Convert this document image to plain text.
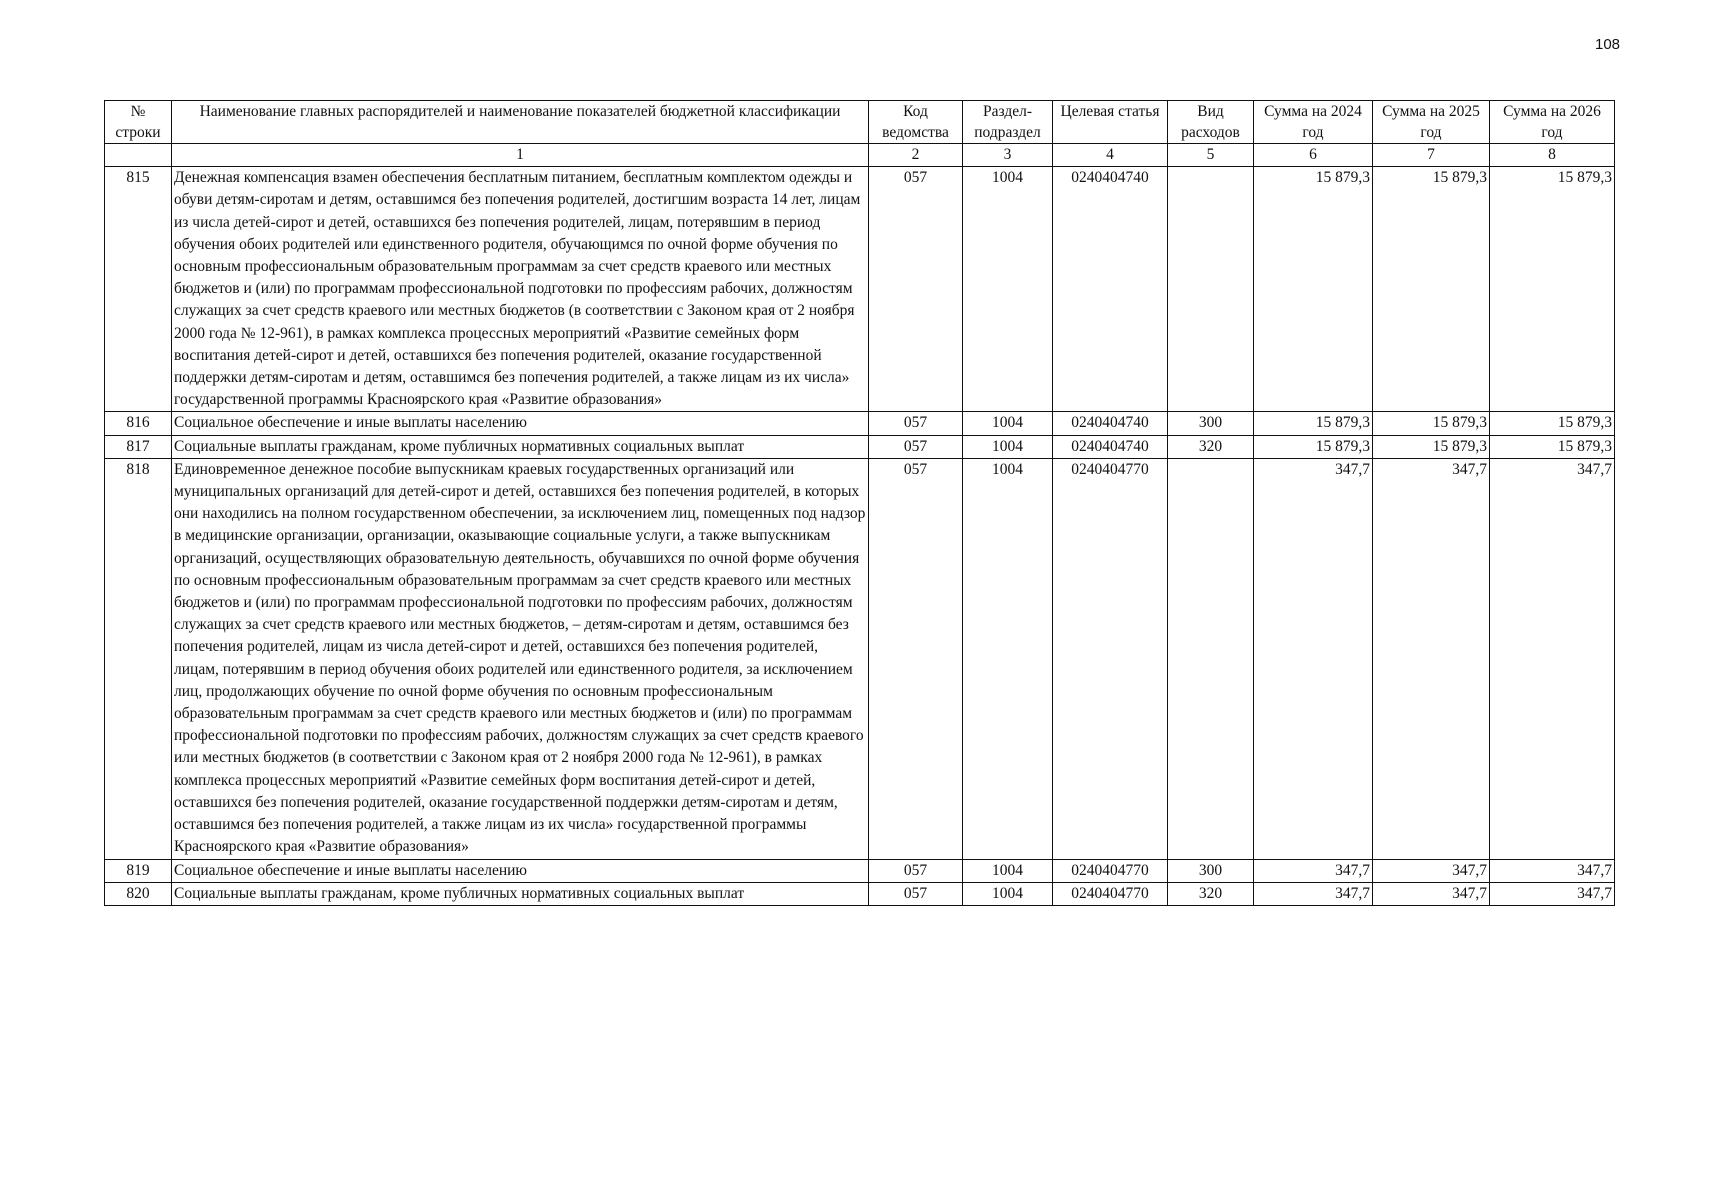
108
№ строки	Наименование главных распорядителей и наименование показателей бюджетной классификации	Код ведомства	Раздел-подраздел	Целевая статья	Вид расходов	Сумма на 2024 год	Сумма на 2025 год	Сумма на 2026 год
	1	2	3	4	5	6	7	8
815	Денежная компенсация взамен обеспечения бесплатным питанием, бесплатным комплектом одежды и обуви детям-сиротам и детям, оставшимся без попечения родителей, достигшим возраста 14 лет, лицам из числа детей-сирот и детей, оставшихся без попечения родителей, лицам, потерявшим в период обучения обоих родителей или единственного родителя, обучающимся по очной форме обучения по основным профессиональным образовательным программам за счет средств краевого или местных бюджетов и (или) по программам профессиональной подготовки по профессиям рабочих, должностям служащих за счет средств краевого или местных бюджетов (в соответствии с Законом края от 2 ноября 2000 года № 12-961), в рамках комплекса процессных мероприятий «Развитие семейных форм воспитания детей-сирот и детей, оставшихся без попечения родителей, оказание государственной поддержки детям-сиротам и детям, оставшимся без попечения родителей, а также лицам из их числа» государственной программы Красноярского края «Развитие образования»	057	1004	0240404740		15 879,3	15 879,3	15 879,3
816	Социальное обеспечение и иные выплаты населению	057	1004	0240404740	300	15 879,3	15 879,3	15 879,3
817	Социальные выплаты гражданам, кроме публичных нормативных социальных выплат	057	1004	0240404740	320	15 879,3	15 879,3	15 879,3
818	Единовременное денежное пособие выпускникам краевых государственных организаций или муниципальных организаций для детей-сирот и детей, оставшихся без попечения родителей, в которых они находились на полном государственном обеспечении, за исключением лиц, помещенных под надзор в медицинские организации, организации, оказывающие социальные услуги, а также выпускникам организаций, осуществляющих образовательную деятельность, обучавшихся по очной форме обучения по основным профессиональным образовательным программам за счет средств краевого или местных бюджетов и (или) по программам профессиональной подготовки по профессиям рабочих, должностям служащих за счет средств краевого или местных бюджетов, – детям-сиротам и детям, оставшимся без попечения родителей, лицам из числа детей-сирот и детей, оставшихся без попечения родителей, лицам, потерявшим в период обучения обоих родителей или единственного родителя, за исключением лиц, продолжающих обучение по очной форме обучения по основным профессиональным образовательным программам за счет средств краевого или местных бюджетов и (или) по программам профессиональной подготовки по профессиям рабочих, должностям служащих за счет средств краевого или местных бюджетов (в соответствии с Законом края от 2 ноября 2000 года № 12-961), в рамках комплекса процессных мероприятий «Развитие семейных форм воспитания детей-сирот и детей, оставшихся без попечения родителей, оказание государственной поддержки детям-сиротам и детям, оставшимся без попечения родителей, а также лицам из их числа» государственной программы Красноярского края «Развитие образования»	057	1004	0240404770		347,7	347,7	347,7
819	Социальное обеспечение и иные выплаты населению	057	1004	0240404770	300	347,7	347,7	347,7
820	Социальные выплаты гражданам, кроме публичных нормативных социальных выплат	057	1004	0240404770	320	347,7	347,7	347,7
